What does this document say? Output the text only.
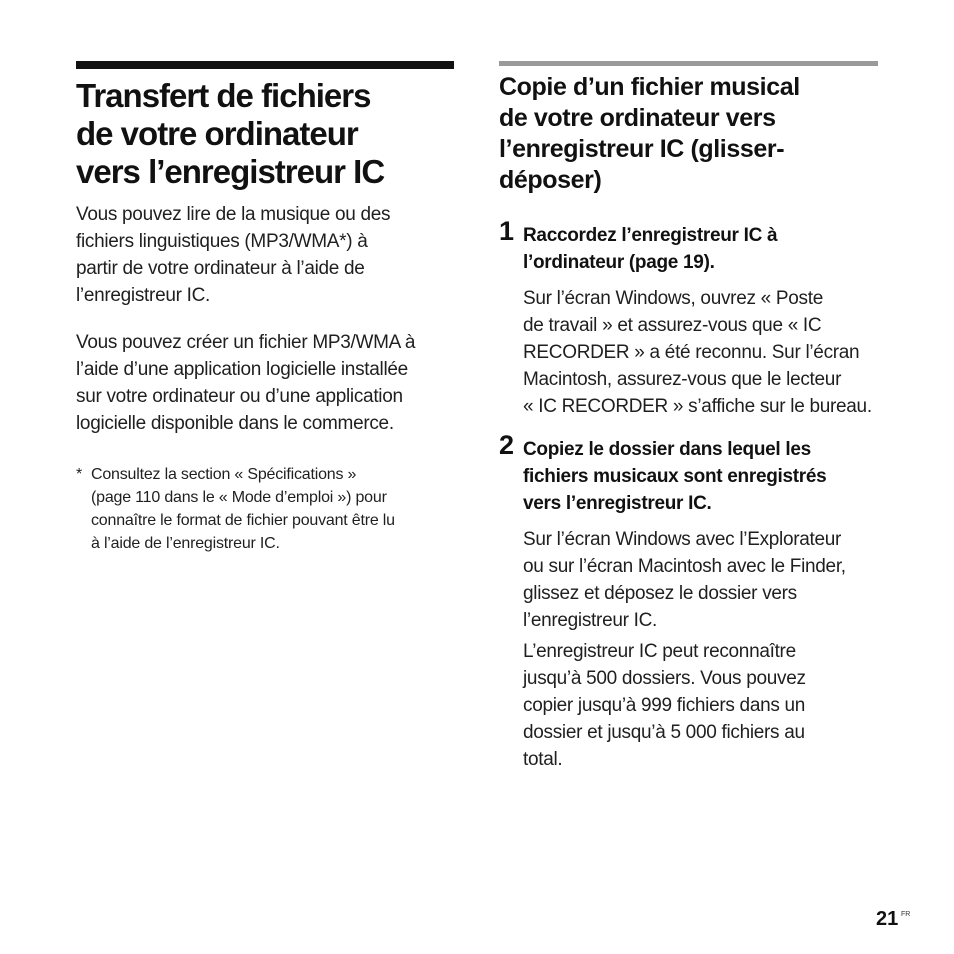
Transfert de fichiers
de votre ordinateur
vers l’enregistreur IC

Vous pouvez lire de la musique ou des
fichiers linguistiques (MP3/WMA*) à
partir de votre ordinateur à l’aide de
l’enregistreur IC.

Vous pouvez créer un fichier MP3/WMA à
l’aide d’une application logicielle installée
sur votre ordinateur ou d’une application
logicielle disponible dans le commerce.

* Consultez la section « Spécifications »
(page 110 dans le « Mode d’emploi ») pour
connaître le format de fichier pouvant être lu
à l’aide de l’enregistreur IC.
Copie d’un fichier musical
de votre ordinateur vers
l’enregistreur IC (glisser-
déposer)
1 Raccordez l’enregistreur IC à
l’ordinateur (page 19).
Sur l’écran Windows, ouvrez « Poste
de travail » et assurez-vous que « IC
RECORDER » a été reconnu. Sur l’écran
Macintosh, assurez-vous que le lecteur
« IC RECORDER » s’affiche sur le bureau.
2 Copiez le dossier dans lequel les
fichiers musicaux sont enregistrés
vers l’enregistreur IC.
Sur l’écran Windows avec l’Explorateur
ou sur l’écran Macintosh avec le Finder,
glissez et déposez le dossier vers
l’enregistreur IC.
L’enregistreur IC peut reconnaître
jusqu’à 500 dossiers. Vous pouvez
copier jusqu’à 999 fichiers dans un
dossier et jusqu’à 5 000 fichiers au
total.
21 FR
